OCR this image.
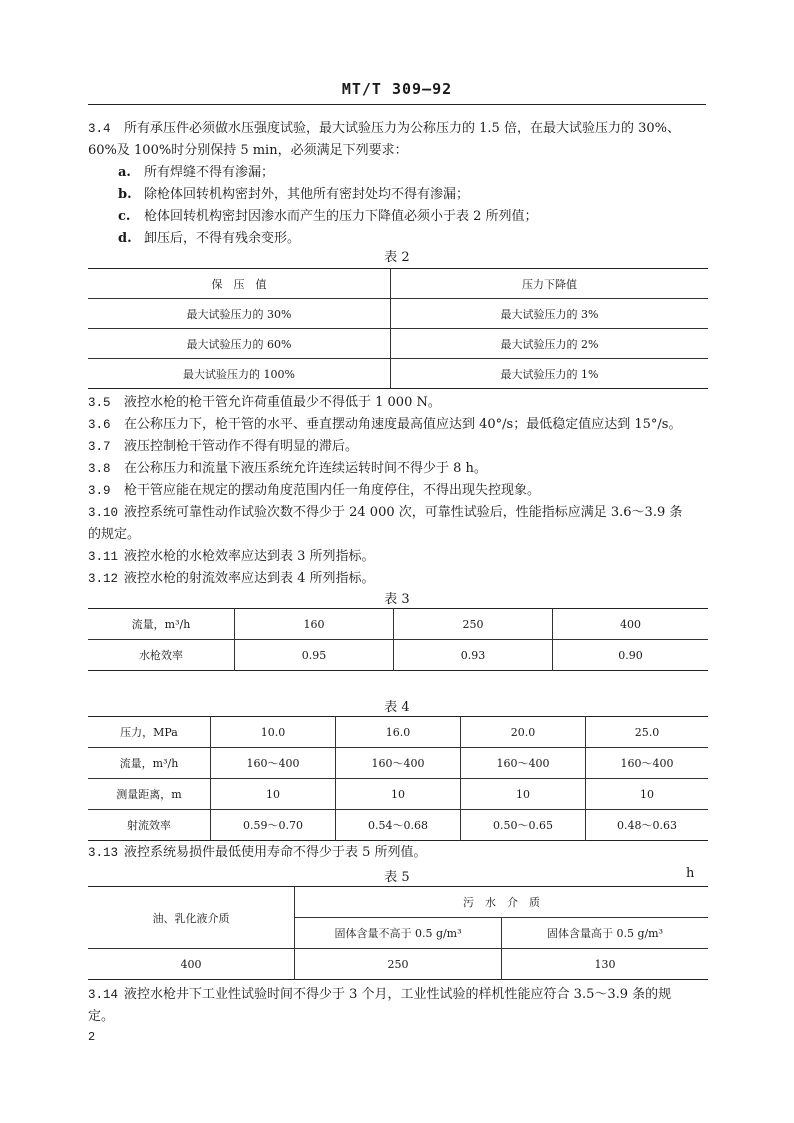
MT/T 309—92
3.4 所有承压件必须做水压强度试验，最大试验压力为公称压力的 1.5 倍，在最大试验压力的 30%、
60%及 100%时分别保持 5 min，必须满足下列要求：
a. 所有焊缝不得有渗漏；
b. 除枪体回转机构密封外，其他所有密封处均不得有渗漏；
c. 枪体回转机构密封因渗水而产生的压力下降值必须小于表 2 所列值；
d. 卸压后，不得有残余变形。
表 2
保　压　值	压力下降值
最大试验压力的 30%	最大试验压力的 3%
最大试验压力的 60%	最大试验压力的 2%
最大试验压力的 100%	最大试验压力的 1%
3.5 液控水枪的枪干管允许荷重值最少不得低于 1 000 N。
3.6 在公称压力下，枪干管的水平、垂直摆动角速度最高值应达到 40°/s；最低稳定值应达到 15°/s。
3.7 液压控制枪干管动作不得有明显的滞后。
3.8 在公称压力和流量下液压系统允许连续运转时间不得少于 8 h。
3.9 枪干管应能在规定的摆动角度范围内任一角度停住，不得出现失控现象。
3.10 液控系统可靠性动作试验次数不得少于 24 000 次，可靠性试验后，性能指标应满足 3.6～3.9 条
的规定。
3.11 液控水枪的水枪效率应达到表 3 所列指标。
3.12 液控水枪的射流效率应达到表 4 所列指标。
表 3
流量，m³/h	160	250	400
水枪效率	0.95	0.93	0.90
表 4
压力，MPa	10.0	16.0	20.0	25.0
流量，m³/h	160～400	160～400	160～400	160～400
测量距离，m	10	10	10	10
射流效率	0.59～0.70	0.54～0.68	0.50～0.65	0.48～0.63
3.13 液控系统易损件最低使用寿命不得少于表 5 所列值。
表 5	h
油、乳化液介质	污　水　介　质	
	固体含量不高于 0.5 g/m³	固体含量高于 0.5 g/m³
400	250	130
3.14 液控水枪井下工业性试验时间不得少于 3 个月，工业性试验的样机性能应符合 3.5～3.9 条的规
定。
2
